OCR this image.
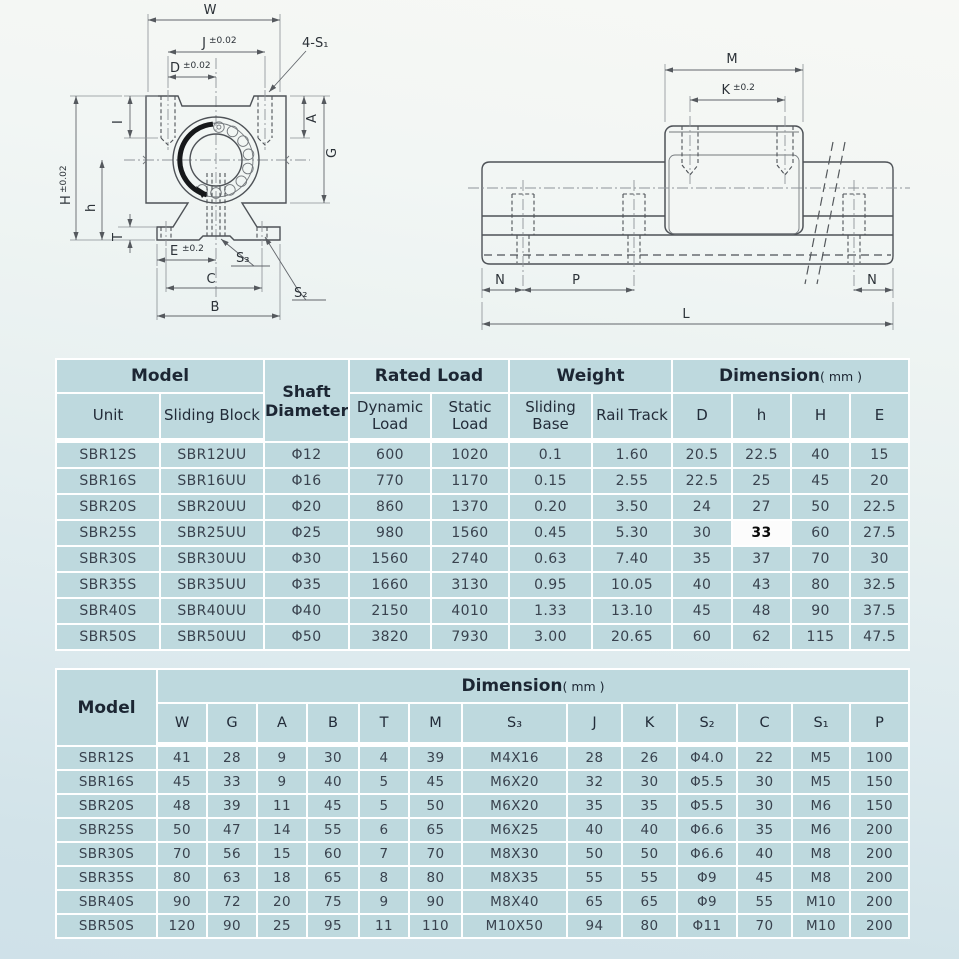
W
J ±0.02
D ±0.02
4-S₁
I
H
±0.02
h
T
A
G
E ±0.2
C
B
S₃
S₂
M
K ±0.2
N	P	N
L
Model		Shaft Diameter	Rated Load		Weight		Dimension( mm )			
Unit	Sliding Block		Dynamic Load	Static Load	Sliding Base	Rail Track	D	h	H	E
SBR12S	SBR12UU	Φ12	600	1020	0.1	1.60	20.5	22.5	40	15
SBR16S	SBR16UU	Φ16	770	1170	0.15	2.55	22.5	25	45	20
SBR20S	SBR20UU	Φ20	860	1370	0.20	3.50	24	27	50	22.5
SBR25S	SBR25UU	Φ25	980	1560	0.45	5.30	30	33	60	27.5
SBR30S	SBR30UU	Φ30	1560	2740	0.63	7.40	35	37	70	30
SBR35S	SBR35UU	Φ35	1660	3130	0.95	10.05	40	43	80	32.5
SBR40S	SBR40UU	Φ40	2150	4010	1.33	13.10	45	48	90	37.5
SBR50S	SBR50UU	Φ50	3820	7930	3.00	20.65	60	62	115	47.5
Model	Dimension( mm )												
	W	G	A	B	T	M	S₃	J	K	S₂	C	S₁	P
SBR12S	41	28	9	30	4	39	M4X16	28	26	Φ4.0	22	M5	100
SBR16S	45	33	9	40	5	45	M6X20	32	30	Φ5.5	30	M5	150
SBR20S	48	39	11	45	5	50	M6X20	35	35	Φ5.5	30	M6	150
SBR25S	50	47	14	55	6	65	M6X25	40	40	Φ6.6	35	M6	200
SBR30S	70	56	15	60	7	70	M8X30	50	50	Φ6.6	40	M8	200
SBR35S	80	63	18	65	8	80	M8X35	55	55	Φ9	45	M8	200
SBR40S	90	72	20	75	9	90	M8X40	65	65	Φ9	55	M10	200
SBR50S	120	90	25	95	11	110	M10X50	94	80	Φ11	70	M10	200
